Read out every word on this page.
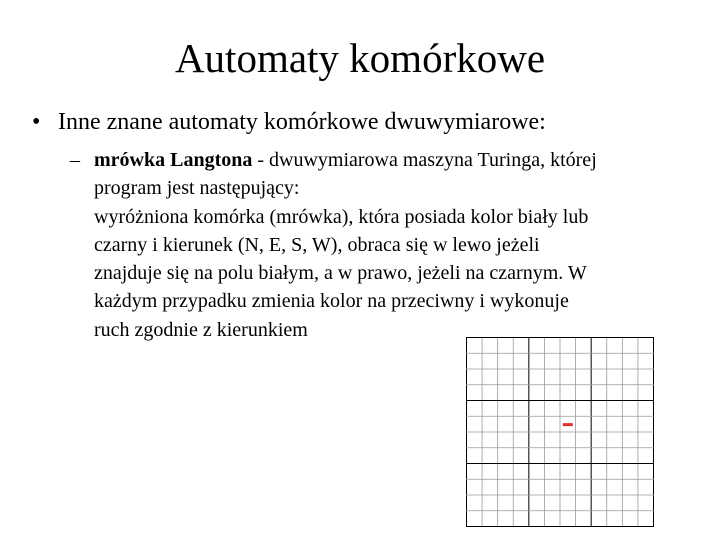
Automaty komórkowe
• Inne znane automaty komórkowe dwuwymiarowe:
– mrówka Langtona - dwuwymiarowa maszyna Turinga, której
program jest następujący:
wyróżniona komórka (mrówka), która posiada kolor biały lub
czarny i kierunek (N, E, S, W), obraca się w lewo jeżeli
znajduje się na polu białym, a w prawo, jeżeli na czarnym. W
każdym przypadku zmienia kolor na przeciwny i wykonuje
ruch zgodnie z kierunkiem
